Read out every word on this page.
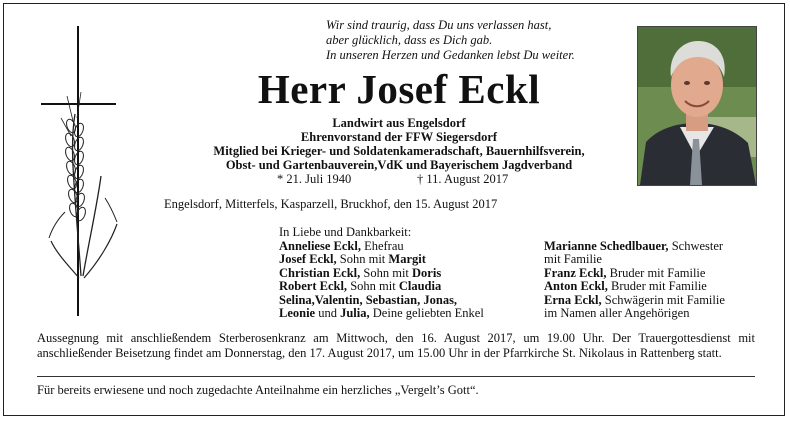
Wir sind traurig, dass Du uns verlassen hast,
aber glücklich, dass es Dich gab.
In unseren Herzen und Gedanken lebst Du weiter.
Herr Josef Eckl
Landwirt aus Engelsdorf
Ehrenvorstand der FFW Siegersdorf
Mitglied bei Krieger- und Soldatenkameradschaft, Bauernhilfsverein,
Obst- und Gartenbauverein,VdK und Bayerischem Jagdverband
* 21. Juli 1940	† 11. August 2017
Engelsdorf, Mitterfels, Kasparzell, Bruckhof, den 15. August 2017
In Liebe und Dankbarkeit:
Anneliese Eckl, Ehefrau
Josef Eckl, Sohn mit Margit
Christian Eckl, Sohn mit Doris
Robert Eckl, Sohn mit Claudia
Selina,Valentin, Sebastian, Jonas,
Leonie und Julia, Deine geliebten Enkel
Marianne Schedlbauer, Schwester
mit Familie
Franz Eckl, Bruder mit Familie
Anton Eckl, Bruder mit Familie
Erna Eckl, Schwägerin mit Familie
im Namen aller Angehörigen
Aussegnung mit anschließendem Sterberosenkranz am Mittwoch, den 16. August 2017, um 19.00 Uhr. Der Trauergottesdienst mit anschließender Beisetzung findet am Donnerstag, den 17. August 2017, um 15.00 Uhr in der Pfarrkirche St. Nikolaus in Rattenberg statt.
Für bereits erwiesene und noch zugedachte Anteilnahme ein herzliches „Vergelt’s Gott“.
